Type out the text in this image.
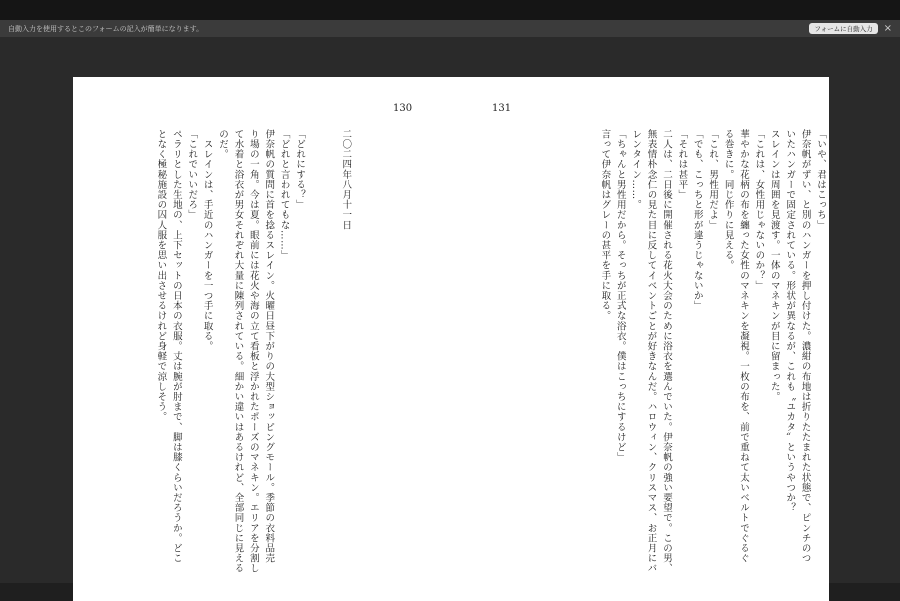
自動入力を使用するとこのフォームの記入が簡単になります。	フォームに自動入力	×
130	131
「いや、君はこっち」
伊奈帆がずい、と別のハンガーを押し付けた。濃紺の布地は折りたたまれた状態で、ピンチのつ
いたハンガーで固定されている。形状が異なるが、これも〝ユカタ〟というやつか？
スレインは周囲を見渡す。一体のマネキンが目に留まった。
「これは、女性用じゃないのか？」
華やかな花柄の布を纏った女性のマネキンを凝視。一枚の布を、前で重ねて太いベルトでぐるぐ
る巻きに。同じ作りに見える。
「これ、男性用だよ」
「でも、こっちと形が違うじゃないか」
「それは甚平」
二人は、二日後に開催される花火大会のために浴衣を選んでいた。伊奈帆の強い要望で。この男、
無表情朴念仁の見た目に反してイベントごとが好きなんだ。ハロウィン、クリスマス、お正月にバ
レンタイン……。
「ちゃんと男性用だから。そっちが正式な浴衣。僕はこっちにするけど」
言って伊奈帆はグレーの甚平を手に取る。

二〇二四年八月十一日

「どれにする？」
「どれと言われてもな……」
伊奈帆の質問に首を捻るスレイン。火曜日昼下がりの大型ショッピングモール。季節の衣料品売
り場の一角。今は夏。眼前には花火や海の立て看板と浮かれたポーズのマネキン。エリアを分割し
て水着と浴衣が男女それぞれ大量に陳列されている。細かい違いはあるけれど、全部同じに見える
のだ。
　スレインは、手近のハンガーを一つ手に取る。
「これでいいだろ」
ペラリとした生地の、上下セットの日本の衣服。丈は腕が肘まで、脚は膝くらいだろうか。どこ
となく極秘施設の囚人服を思い出させるけれど身軽で涼しそう。
